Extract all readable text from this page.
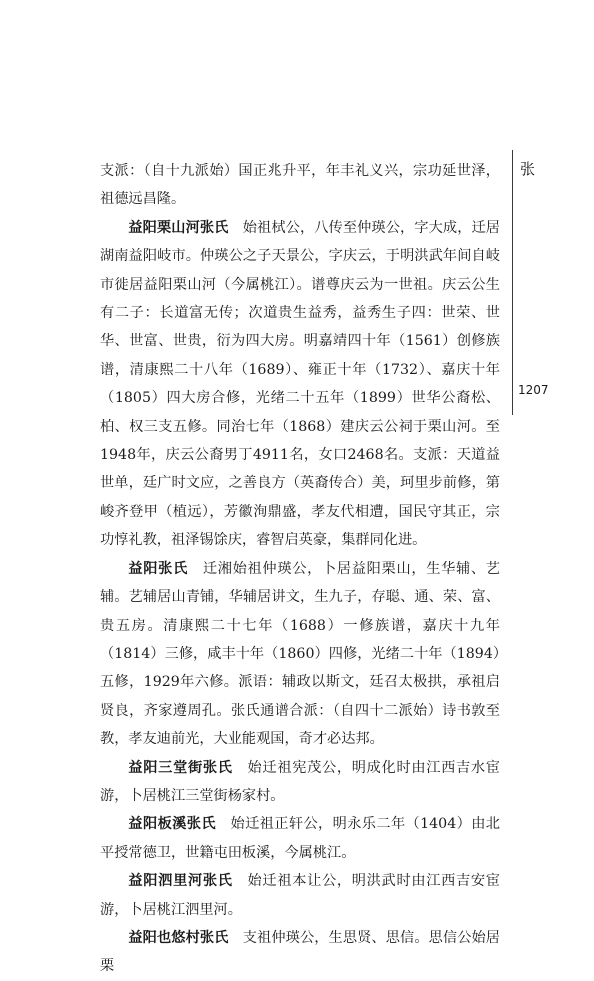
支派：（自十九派始）国正兆升平，年丰礼义兴，宗功延世泽，祖德远昌隆。

益阳栗山河张氏  始祖栻公，八传至仲瑛公，字大成，迁居湖南益阳岐市。仲瑛公之子天景公，字庆云，于明洪武年间自岐市徙居益阳栗山河（今属桃江）。谱尊庆云为一世祖。庆云公生有二子：长道富无传；次道贵生益秀，益秀生子四：世荣、世华、世富、世贵，衍为四大房。明嘉靖四十年（1561）创修族谱，清康熙二十八年（1689）、雍正十年（1732）、嘉庆十年（1805）四大房合修，光绪二十五年（1899）世华公裔松、柏、权三支五修。同治七年（1868）建庆云公祠于栗山河。至1948年，庆云公裔男丁4911名，女口2468名。支派：天道益世单，廷广时文应，之善良方（英裔传合）美，珂里步前修，第峻齐登甲（植远），芳徽洵鼎盛，孝友代相遭，国民守其正，宗功惇礼教，祖泽锡馀庆，睿智启英豪，集群同化进。

益阳张氏  迁湘始祖仲瑛公，卜居益阳栗山，生华辅、艺辅。艺辅居山青铺，华辅居讲文，生九子，存聪、通、荣、富、贵五房。清康熙二十七年（1688）一修族谱，嘉庆十九年（1814）三修，咸丰十年（1860）四修，光绪二十年（1894）五修，1929年六修。派语：辅政以斯文，廷召太极拱，承祖启贤良，齐家遵周孔。张氏通谱合派：（自四十二派始）诗书敦至教，孝友迪前光，大业能观国，奇才必达邦。

益阳三堂街张氏  始迁祖宪茂公，明成化时由江西吉水宦游，卜居桃江三堂街杨家村。

益阳板溪张氏  始迁祖正轩公，明永乐二年（1404）由北平授常德卫，世籍屯田板溪，今属桃江。

益阳泗里河张氏  始迁祖本让公，明洪武时由江西吉安宦游，卜居桃江泗里河。

益阳也悠村张氏  支祖仲瑛公，生思贤、思信。思信公始居栗

张
1207
